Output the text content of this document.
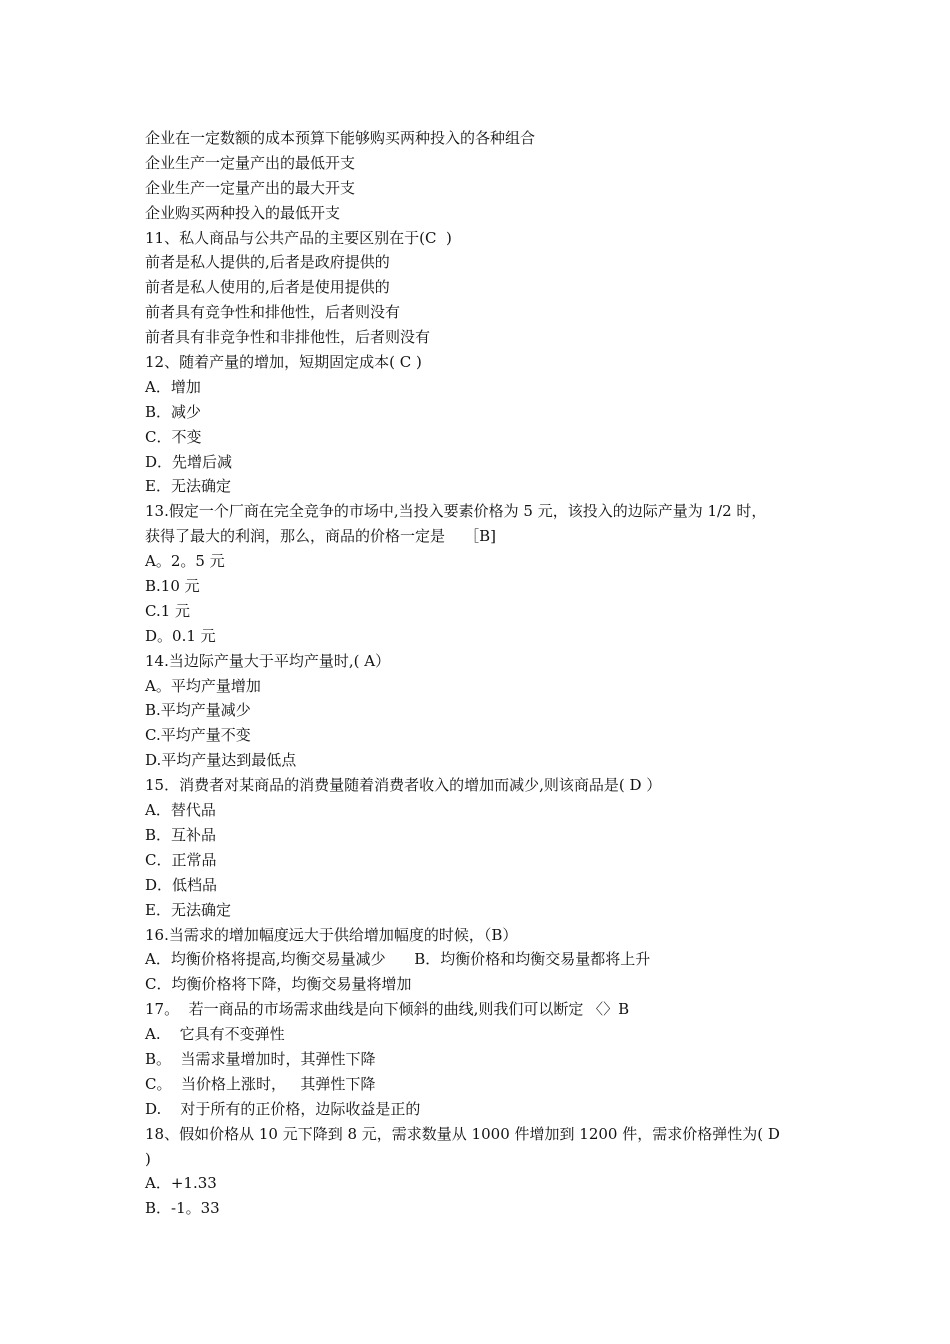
企业在一定数额的成本预算下能够购买两种投入的各种组合
企业生产一定量产出的最低开支
企业生产一定量产出的最大开支
企业购买两种投入的最低开支
11、私人商品与公共产品的主要区别在于(C  )
前者是私人提供的,后者是政府提供的
前者是私人使用的,后者是使用提供的
前者具有竞争性和排他性，后者则没有
前者具有非竞争性和非排他性，后者则没有
12、随着产量的增加，短期固定成本( C )
A．增加
B．减少
C．不变
D．先增后减
E．无法确定
13.假定一个厂商在完全竞争的市场中,当投入要素价格为 5 元，该投入的边际产量为 1/2 时，
获得了最大的利润，那么，商品的价格一定是    ［B]
A。2。5 元
B.10 元
C.1 元
D。0.1 元
14.当边际产量大于平均产量时,( A）
A。平均产量增加
B.平均产量减少
C.平均产量不变
D.平均产量达到最低点
15．消费者对某商品的消费量随着消费者收入的增加而减少,则该商品是( D ）
A．替代品
B．互补品
C．正常品
D．低档品
E．无法确定
16.当需求的增加幅度远大于供给增加幅度的时候，（B）
A．均衡价格将提高,均衡交易量减少      B．均衡价格和均衡交易量都将上升
C．均衡价格将下降，均衡交易量将增加
17。  若一商品的市场需求曲线是向下倾斜的曲线,则我们可以断定 〈〉B
A.    它具有不变弹性
B。  当需求量增加时，其弹性下降
C。  当价格上涨时，   其弹性下降
D.    对于所有的正价格，边际收益是正的
18、假如价格从 10 元下降到 8 元，需求数量从 1000 件增加到 1200 件，需求价格弹性为( D
)
A．+1.33
B．-1。33
